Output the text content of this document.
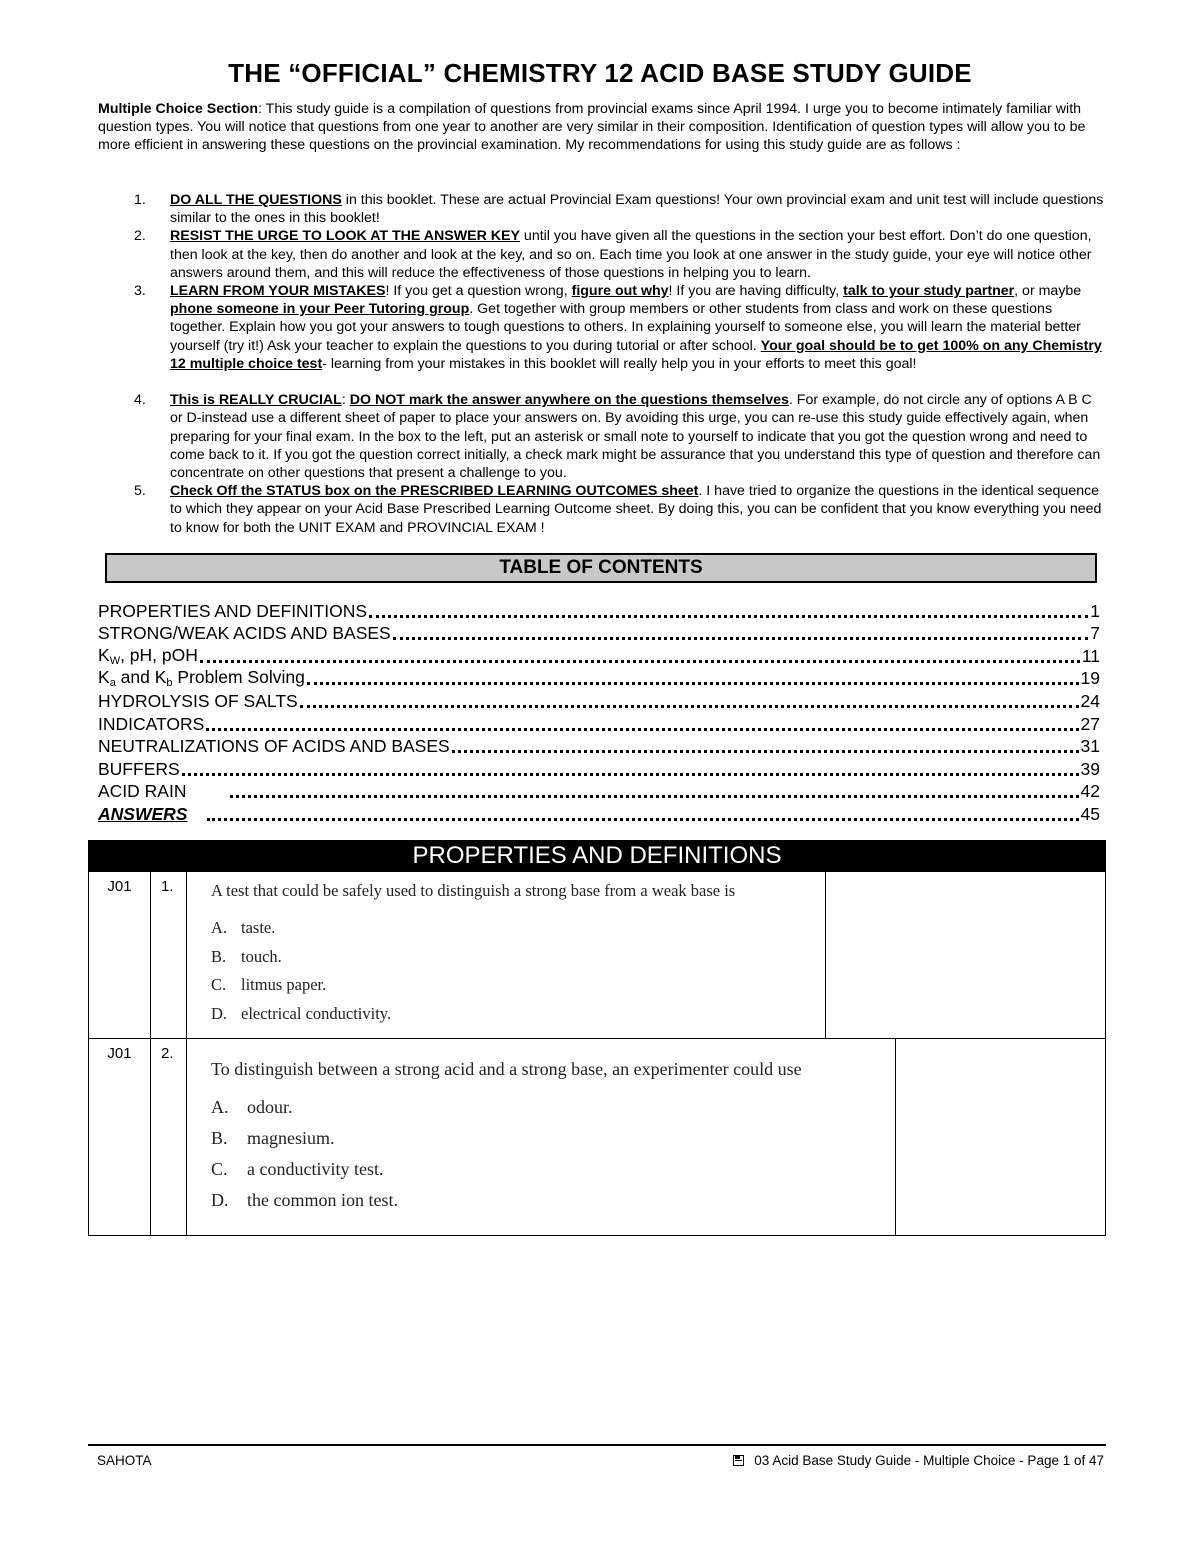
THE “OFFICIAL” CHEMISTRY 12 ACID BASE STUDY GUIDE
Multiple Choice Section: This study guide is a compilation of questions from provincial exams since April 1994. I urge you to become intimately familiar with question types. You will notice that questions from one year to another are very similar in their composition. Identification of question types will allow you to be more efficient in answering these questions on the provincial examination. My recommendations for using this study guide are as follows :
1. DO ALL THE QUESTIONS in this booklet. These are actual Provincial Exam questions! Your own provincial exam and unit test will include questions similar to the ones in this booklet!
2. RESIST THE URGE TO LOOK AT THE ANSWER KEY until you have given all the questions in the section your best effort. Don’t do one question, then look at the key, then do another and look at the key, and so on. Each time you look at one answer in the study guide, your eye will notice other answers around them, and this will reduce the effectiveness of those questions in helping you to learn.
3. LEARN FROM YOUR MISTAKES! If you get a question wrong, figure out why! If you are having difficulty, talk to your study partner, or maybe phone someone in your Peer Tutoring group. Get together with group members or other students from class and work on these questions together. Explain how you got your answers to tough questions to others. In explaining yourself to someone else, you will learn the material better yourself (try it!) Ask your teacher to explain the questions to you during tutorial or after school. Your goal should be to get 100% on any Chemistry 12 multiple choice test- learning from your mistakes in this booklet will really help you in your efforts to meet this goal!
4. This is REALLY CRUCIAL: DO NOT mark the answer anywhere on the questions themselves. For example, do not circle any of options A B C or D-instead use a different sheet of paper to place your answers on. By avoiding this urge, you can re-use this study guide effectively again, when preparing for your final exam. In the box to the left, put an asterisk or small note to yourself to indicate that you got the question wrong and need to come back to it. If you got the question correct initially, a check mark might be assurance that you understand this type of question and therefore can concentrate on other questions that present a challenge to you.
5. Check Off the STATUS box on the PRESCRIBED LEARNING OUTCOMES sheet. I have tried to organize the questions in the identical sequence to which they appear on your Acid Base Prescribed Learning Outcome sheet. By doing this, you can be confident that you know everything you need to know for both the UNIT EXAM and PROVINCIAL EXAM !
TABLE OF CONTENTS
PROPERTIES AND DEFINITIONS	1
STRONG/WEAK ACIDS AND BASES	7
$K_W$, pH, pOH	11
$K_a$ and $K_b$ Problem Solving	19
HYDROLYSIS OF SALTS	24
INDICATORS	27
NEUTRALIZATIONS OF ACIDS AND BASES	31
BUFFERS	39
ACID RAIN	42
ANSWERS	45
PROPERTIES AND DEFINITIONS
J01	1.	A test that could be safely used to distinguish a strong base from a weak base is
A. taste.
B. touch.
C. litmus paper.
D. electrical conductivity.
J01	2.
To distinguish between a strong acid and a strong base, an experimenter could use
A. odour.
B. magnesium.
C. a conductivity test.
D. the common ion test.
SAHOTA	03 Acid Base Study Guide - Multiple Choice - Page 1 of 47
